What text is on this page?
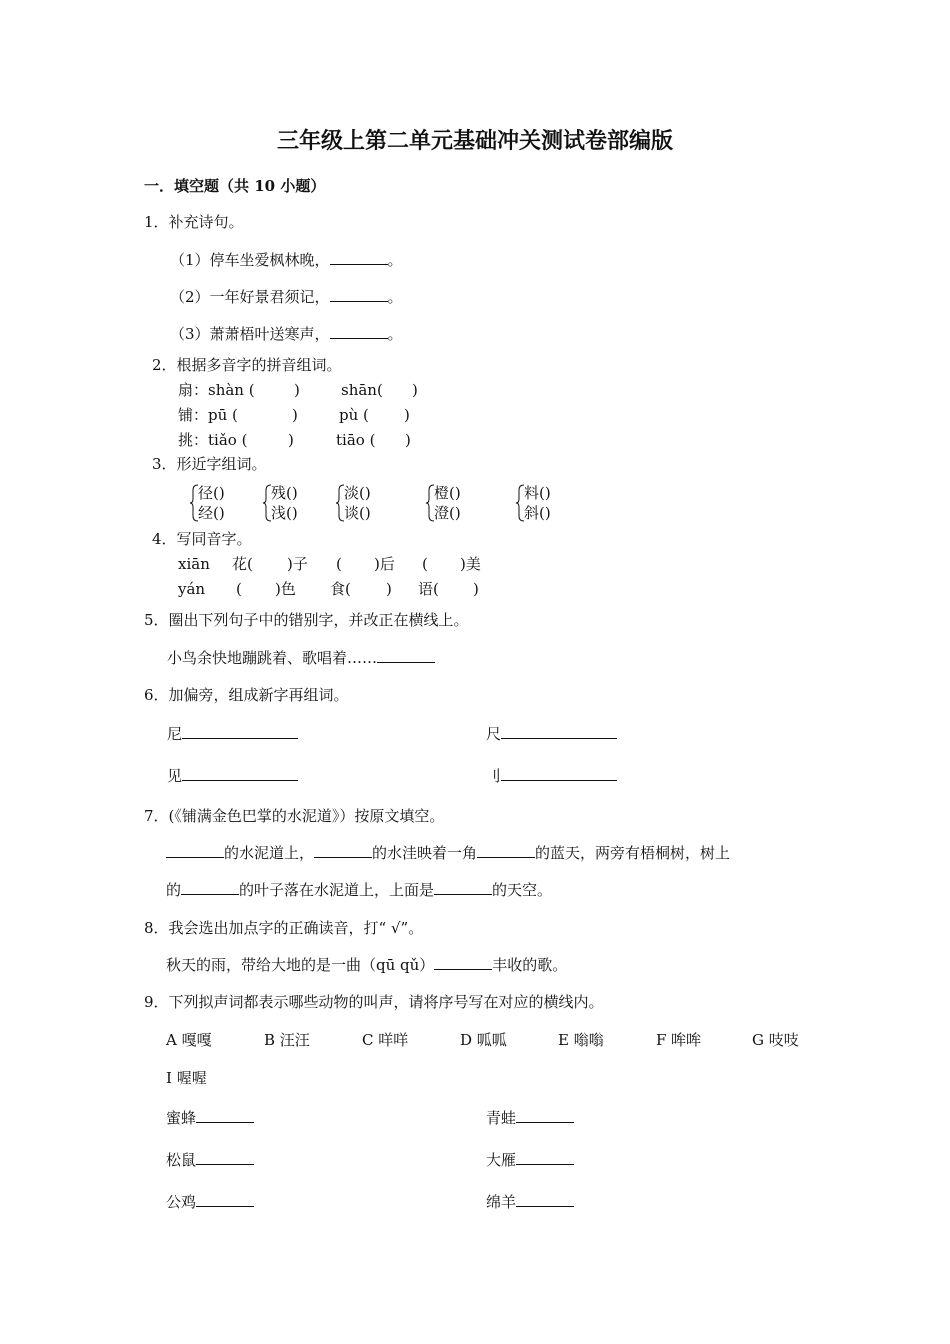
三年级上第二单元基础冲关测试卷部编版
一．填空题（共 10 小题）
1．补充诗句。
（1）停车坐爱枫林晚，	。
（2）一年好景君须记，	。
（3）萧萧梧叶送寒声，	。
2．根据多音字的拼音组词。
扇：shàn (	)	shān( )
铺：pū (	)	pù ( )
挑：tiǎo (	)	tiāo ( )
3．形近字组词。
径()
经()
残()
浅()
淡()
谈()
橙()
澄()
料()
斜()
4．写同音字。
xiān 花( )子 ( )后 ( )美
yán ( )色 食( ) 语( )
5．圈出下列句子中的错别字，并改正在横线上。
小鸟余快地蹦跳着、歌唱着……
6．加偏旁，组成新字再组词。
尼	尺
见	刂
7．(《铺满金色巴掌的水泥道》）按原文填空。
的水泥道上，	的水洼映着一角	的蓝天，两旁有梧桐树，树上
的	的叶子落在水泥道上，上面是	的天空。
8．我会选出加点字的正确读音，打“ √”。
秋天的雨，带给大地的是一曲（qū qǔ）	丰收的歌。
9．下列拟声词都表示哪些动物的叫声，请将序号写在对应的横线内。
A 嘎嘎	B 汪汪	C 咩咩	D 呱呱	E 嗡嗡	F 哞哞	G 吱吱
I 喔喔
蜜蜂	青蛙
松鼠	大雁
公鸡	绵羊
